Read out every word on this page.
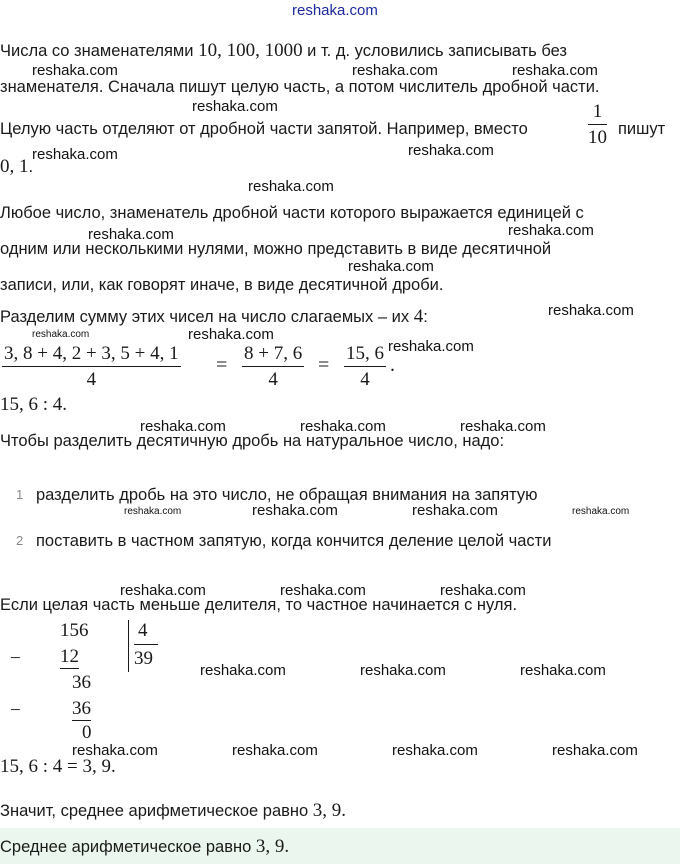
reshaka.com
Числа со знаменателями 10, 100, 1000 и т. д. условились записывать без
знаменателя. Сначала пишут целую часть, а потом числитель дробной части.
Целую часть отделяют от дробной части запятой. Например, вместо
1
10 пишут
0, 1.
Любое число, знаменатель дробной части которого выражается единицей с
одним или несколькими нулями, можно представить в виде десятичной
записи, или, как говорят иначе, в виде десятичной дроби.
Разделим сумму этих чисел на число слагаемых – их 4:
3, 8 + 4, 2 + 3, 5 + 4, 1
4
=
8 + 7, 6
4
=
15, 6
4
.
15, 6 : 4.
Чтобы разделить десятичную дробь на натуральное число, надо:
1 разделить дробь на это число, не обращая внимания на запятую
2 поставить в частном запятую, когда кончится деление целой части
Если целая часть меньше делителя, то частное начинается с нуля.
156	4
39
− 12
36
−	36
0
15, 6 : 4 = 3, 9.
Значит, среднее арифметическое равно 3, 9.
Среднее арифметическое равно 3, 9.
reshaka.com	reshaka.com	reshaka.com
reshaka.com
reshaka.com	reshaka.com
reshaka.com
reshaka.com	reshaka.com
reshaka.com
reshaka.com
reshaka.com	reshaka.com
reshaka.com
reshaka.com	reshaka.com	reshaka.com
reshaka.com	reshaka.com	reshaka.com	reshaka.com
reshaka.com	reshaka.com	reshaka.com
reshaka.com	reshaka.com	reshaka.com
reshaka.com	reshaka.com	reshaka.com	reshaka.com
